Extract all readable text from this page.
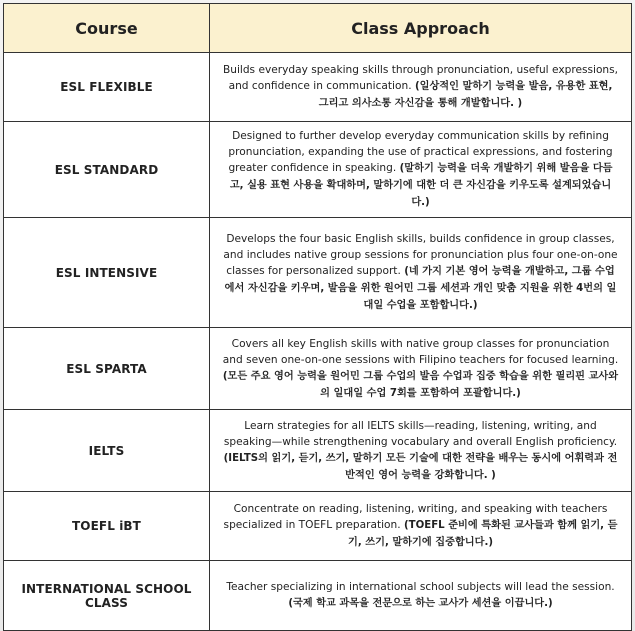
Course	Class Approach
ESL FLEXIBLE	Builds everyday speaking skills through pronunciation, useful expressions, and confidence in communication. (일상적인 말하기 능력을 발음, 유용한 표현, 그리고 의사소통 자신감을 통해 개발합니다. )
ESL STANDARD	Designed to further develop everyday communication skills by refining pronunciation, expanding the use of practical expressions, and fostering greater confidence in speaking. (말하기 능력을 더욱 개발하기 위해 발음을 다듬고, 실용 표현 사용을 확대하며, 말하기에 대한 더 큰 자신감을 키우도록 설계되었습니다.)
ESL INTENSIVE	Develops the four basic English skills, builds confidence in group classes, and includes native group sessions for pronunciation plus four one-on-one classes for personalized support. (네 가지 기본 영어 능력을 개발하고, 그룹 수업에서 자신감을 키우며, 발음을 위한 원어민 그룹 세션과 개인 맞춤 지원을 위한 4번의 일대일 수업을 포함합니다.)
ESL SPARTA	Covers all key English skills with native group classes for pronunciation and seven one-on-one sessions with Filipino teachers for focused learning. (모든 주요 영어 능력을 원어민 그룹 수업의 발음 수업과 집중 학습을 위한 필리핀 교사와의 일대일 수업 7회를 포함하여 포괄합니다.)
IELTS	Learn strategies for all IELTS skills—reading, listening, writing, and speaking—while strengthening vocabulary and overall English proficiency. (IELTS의 읽기, 듣기, 쓰기, 말하기 모든 기술에 대한 전략을 배우는 동시에 어휘력과 전반적인 영어 능력을 강화합니다. )
TOEFL iBT	Concentrate on reading, listening, writing, and speaking with teachers specialized in TOEFL preparation. (TOEFL 준비에 특화된 교사들과 함께 읽기, 듣기, 쓰기, 말하기에 집중합니다.)
INTERNATIONAL SCHOOL CLASS	Teacher specializing in international school subjects will lead the session. (국제 학교 과목을 전문으로 하는 교사가 세션을 이끕니다.)
